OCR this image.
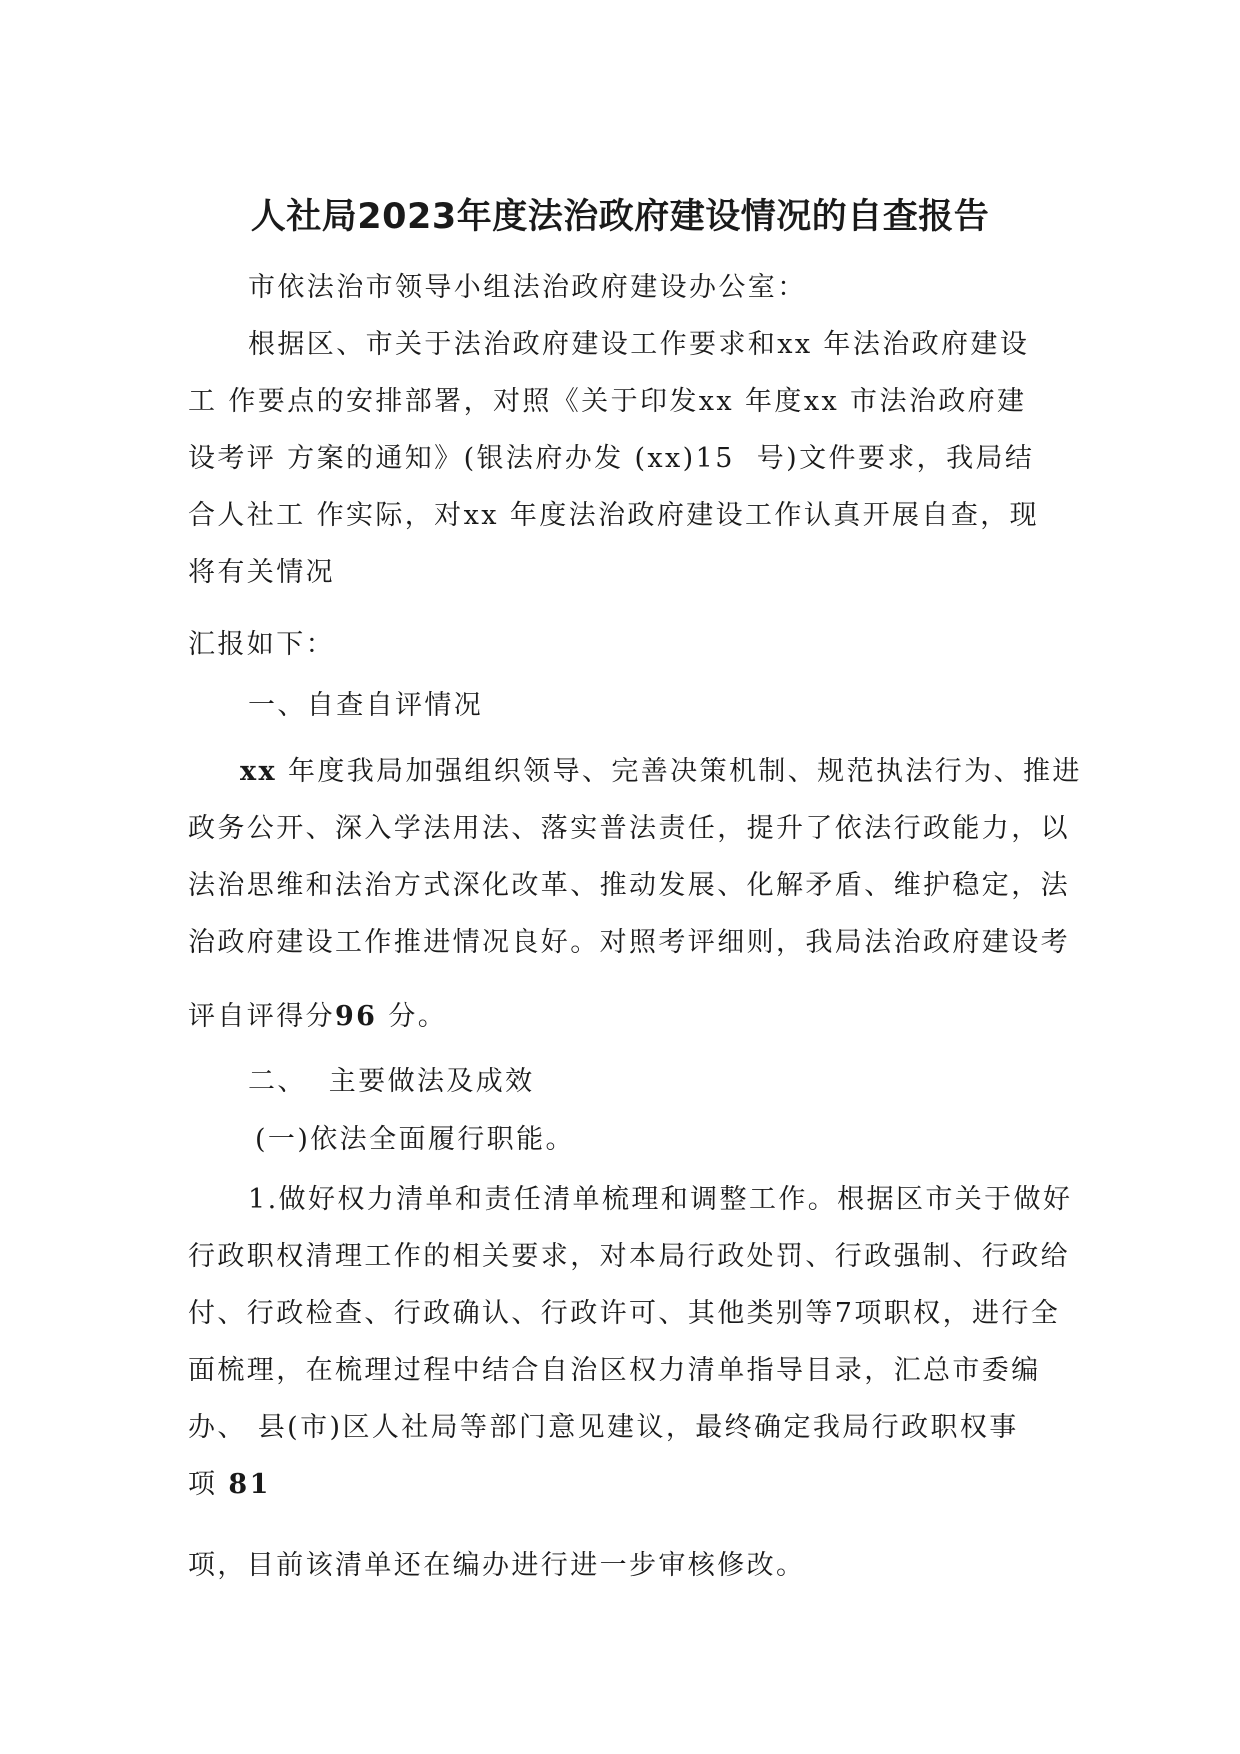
人社局2023年度法治政府建设情况的自查报告
市依法治市领导小组法治政府建设办公室：
根据区、市关于法治政府建设工作要求和xx 年法治政府建设
工 作要点的安排部署，对照《关于印发xx 年度xx 市法治政府建
设考评 方案的通知》(银法府办发 (xx)15  号)文件要求，我局结
合人社工 作实际，对xx 年度法治政府建设工作认真开展自查，现
将有关情况
汇报如下：
一、自查自评情况
xx 年度我局加强组织领导、完善决策机制、规范执法行为、推进
政务公开、深入学法用法、落实普法责任，提升了依法行政能力，以
法治思维和法治方式深化改革、推动发展、化解矛盾、维护稳定，法
治政府建设工作推进情况良好。对照考评细则，我局法治政府建设考
评自评得分96 分。
二、  主要做法及成效
(一)依法全面履行职能。
1.做好权力清单和责任清单梳理和调整工作。根据区市关于做好
行政职权清理工作的相关要求，对本局行政处罚、行政强制、行政给
付、行政检查、行政确认、行政许可、其他类别等7项职权，进行全
面梳理，在梳理过程中结合自治区权力清单指导目录，汇总市委编
办、 县(市)区人社局等部门意见建议，最终确定我局行政职权事
项 81
项，目前该清单还在编办进行进一步审核修改。
